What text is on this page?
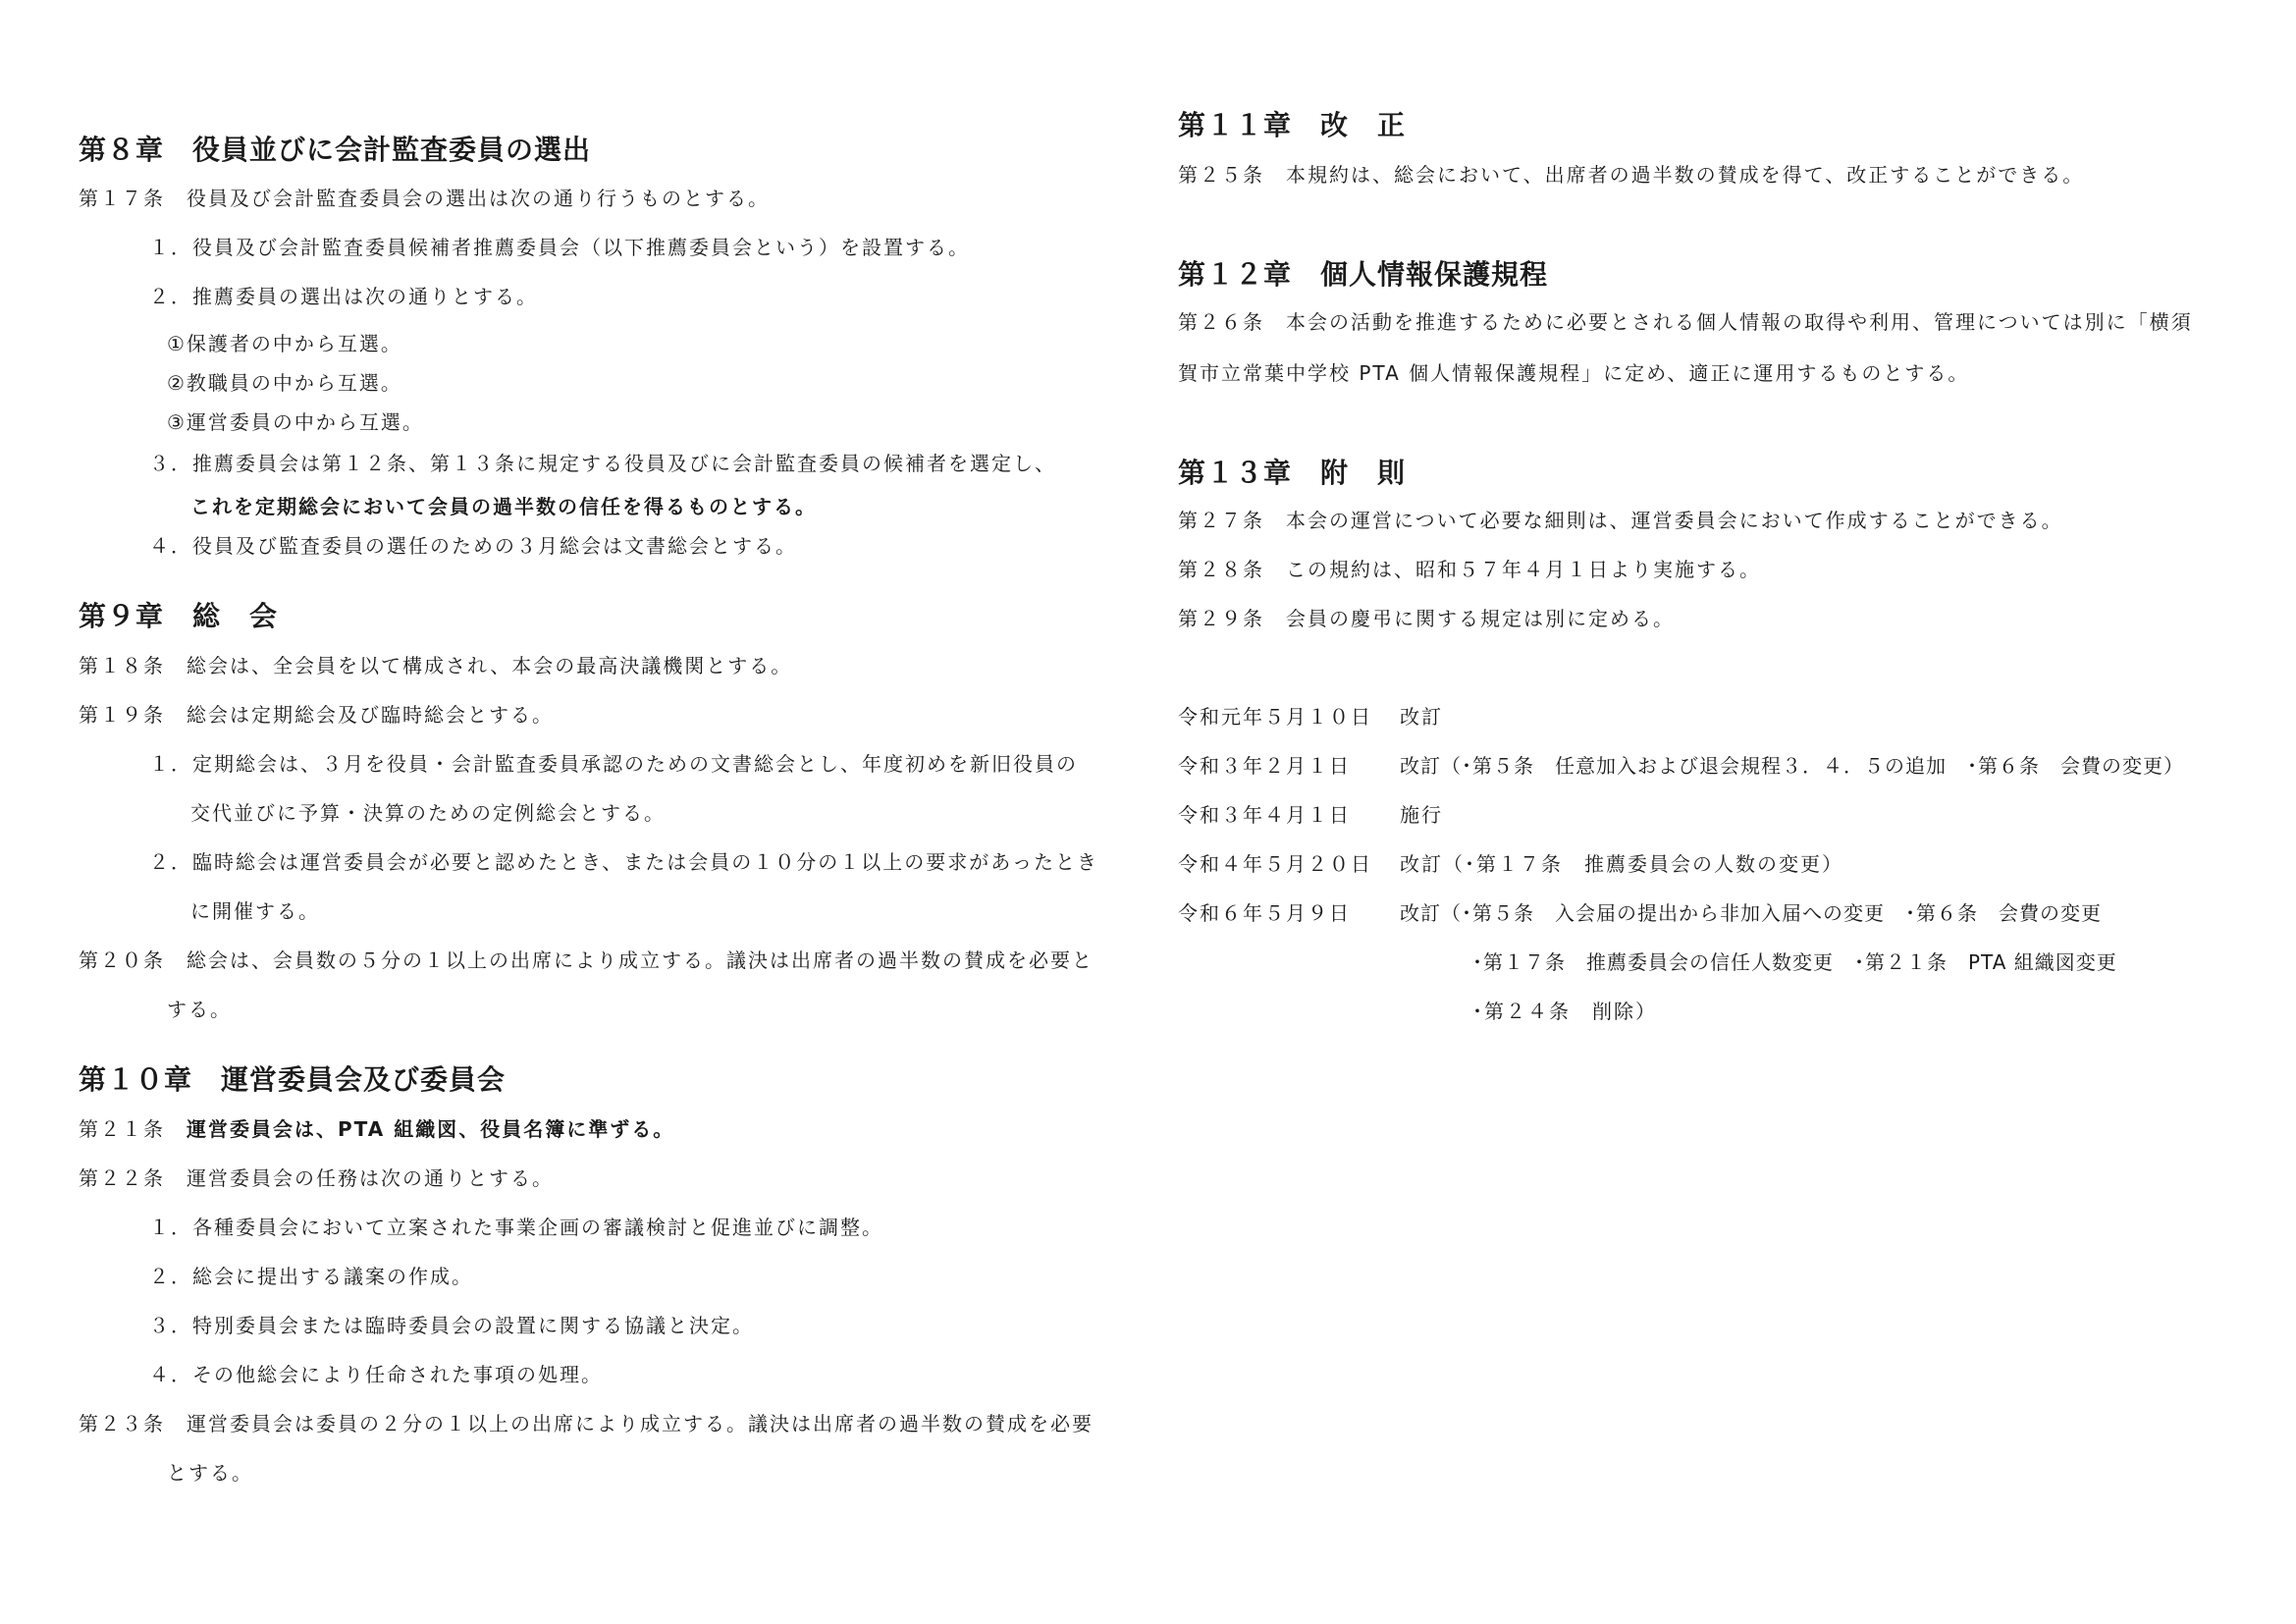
第８章　役員並びに会計監査委員の選出
第１７条　役員及び会計監査委員会の選出は次の通り行うものとする。
１．役員及び会計監査委員候補者推薦委員会（以下推薦委員会という）を設置する。
２．推薦委員の選出は次の通りとする。
①保護者の中から互選。
②教職員の中から互選。
③運営委員の中から互選。
３．推薦委員会は第１２条、第１３条に規定する役員及びに会計監査委員の候補者を選定し、
これを定期総会において会員の過半数の信任を得るものとする。
４．役員及び監査委員の選任のための３月総会は文書総会とする。
第９章　総　会
第１８条　総会は、全会員を以て構成され、本会の最高決議機関とする。
第１９条　総会は定期総会及び臨時総会とする。
１．定期総会は、３月を役員・会計監査委員承認のための文書総会とし、年度初めを新旧役員の
交代並びに予算・決算のための定例総会とする。
２．臨時総会は運営委員会が必要と認めたとき、または会員の１０分の１以上の要求があったとき
に開催する。
第２０条　総会は、会員数の５分の１以上の出席により成立する。議決は出席者の過半数の賛成を必要と
する。
第１０章　運営委員会及び委員会
第２１条　運営委員会は、PTA 組織図、役員名簿に準ずる。
第２２条　運営委員会の任務は次の通りとする。
１．各種委員会において立案された事業企画の審議検討と促進並びに調整。
２．総会に提出する議案の作成。
３．特別委員会または臨時委員会の設置に関する協議と決定。
４．その他総会により任命された事項の処理。
第２３条　運営委員会は委員の２分の１以上の出席により成立する。議決は出席者の過半数の賛成を必要
とする。
第１１章　改　正
第２５条　本規約は、総会において、出席者の過半数の賛成を得て、改正することができる。
第１２章　個人情報保護規程
第２６条　本会の活動を推進するために必要とされる個人情報の取得や利用、管理については別に「横須
賀市立常葉中学校 PTA 個人情報保護規程」に定め、適正に運用するものとする。
第１３章　附　則
第２７条　本会の運営について必要な細則は、運営委員会において作成することができる。
第２８条　この規約は、昭和５７年４月１日より実施する。
第２９条　会員の慶弔に関する規定は別に定める。
令和元年５月１０日 改訂
令和３年２月１日	改訂（･第５条　任意加入および退会規程３．４．５の追加　･第６条　会費の変更）
令和３年４月１日	施行
令和４年５月２０日 改訂（･第１７条　推薦委員会の人数の変更）
令和６年５月９日	改訂（･第５条　入会届の提出から非加入届への変更　･第６条　会費の変更
･第１７条　推薦委員会の信任人数変更　･第２１条　PTA 組織図変更
･第２４条　削除）
